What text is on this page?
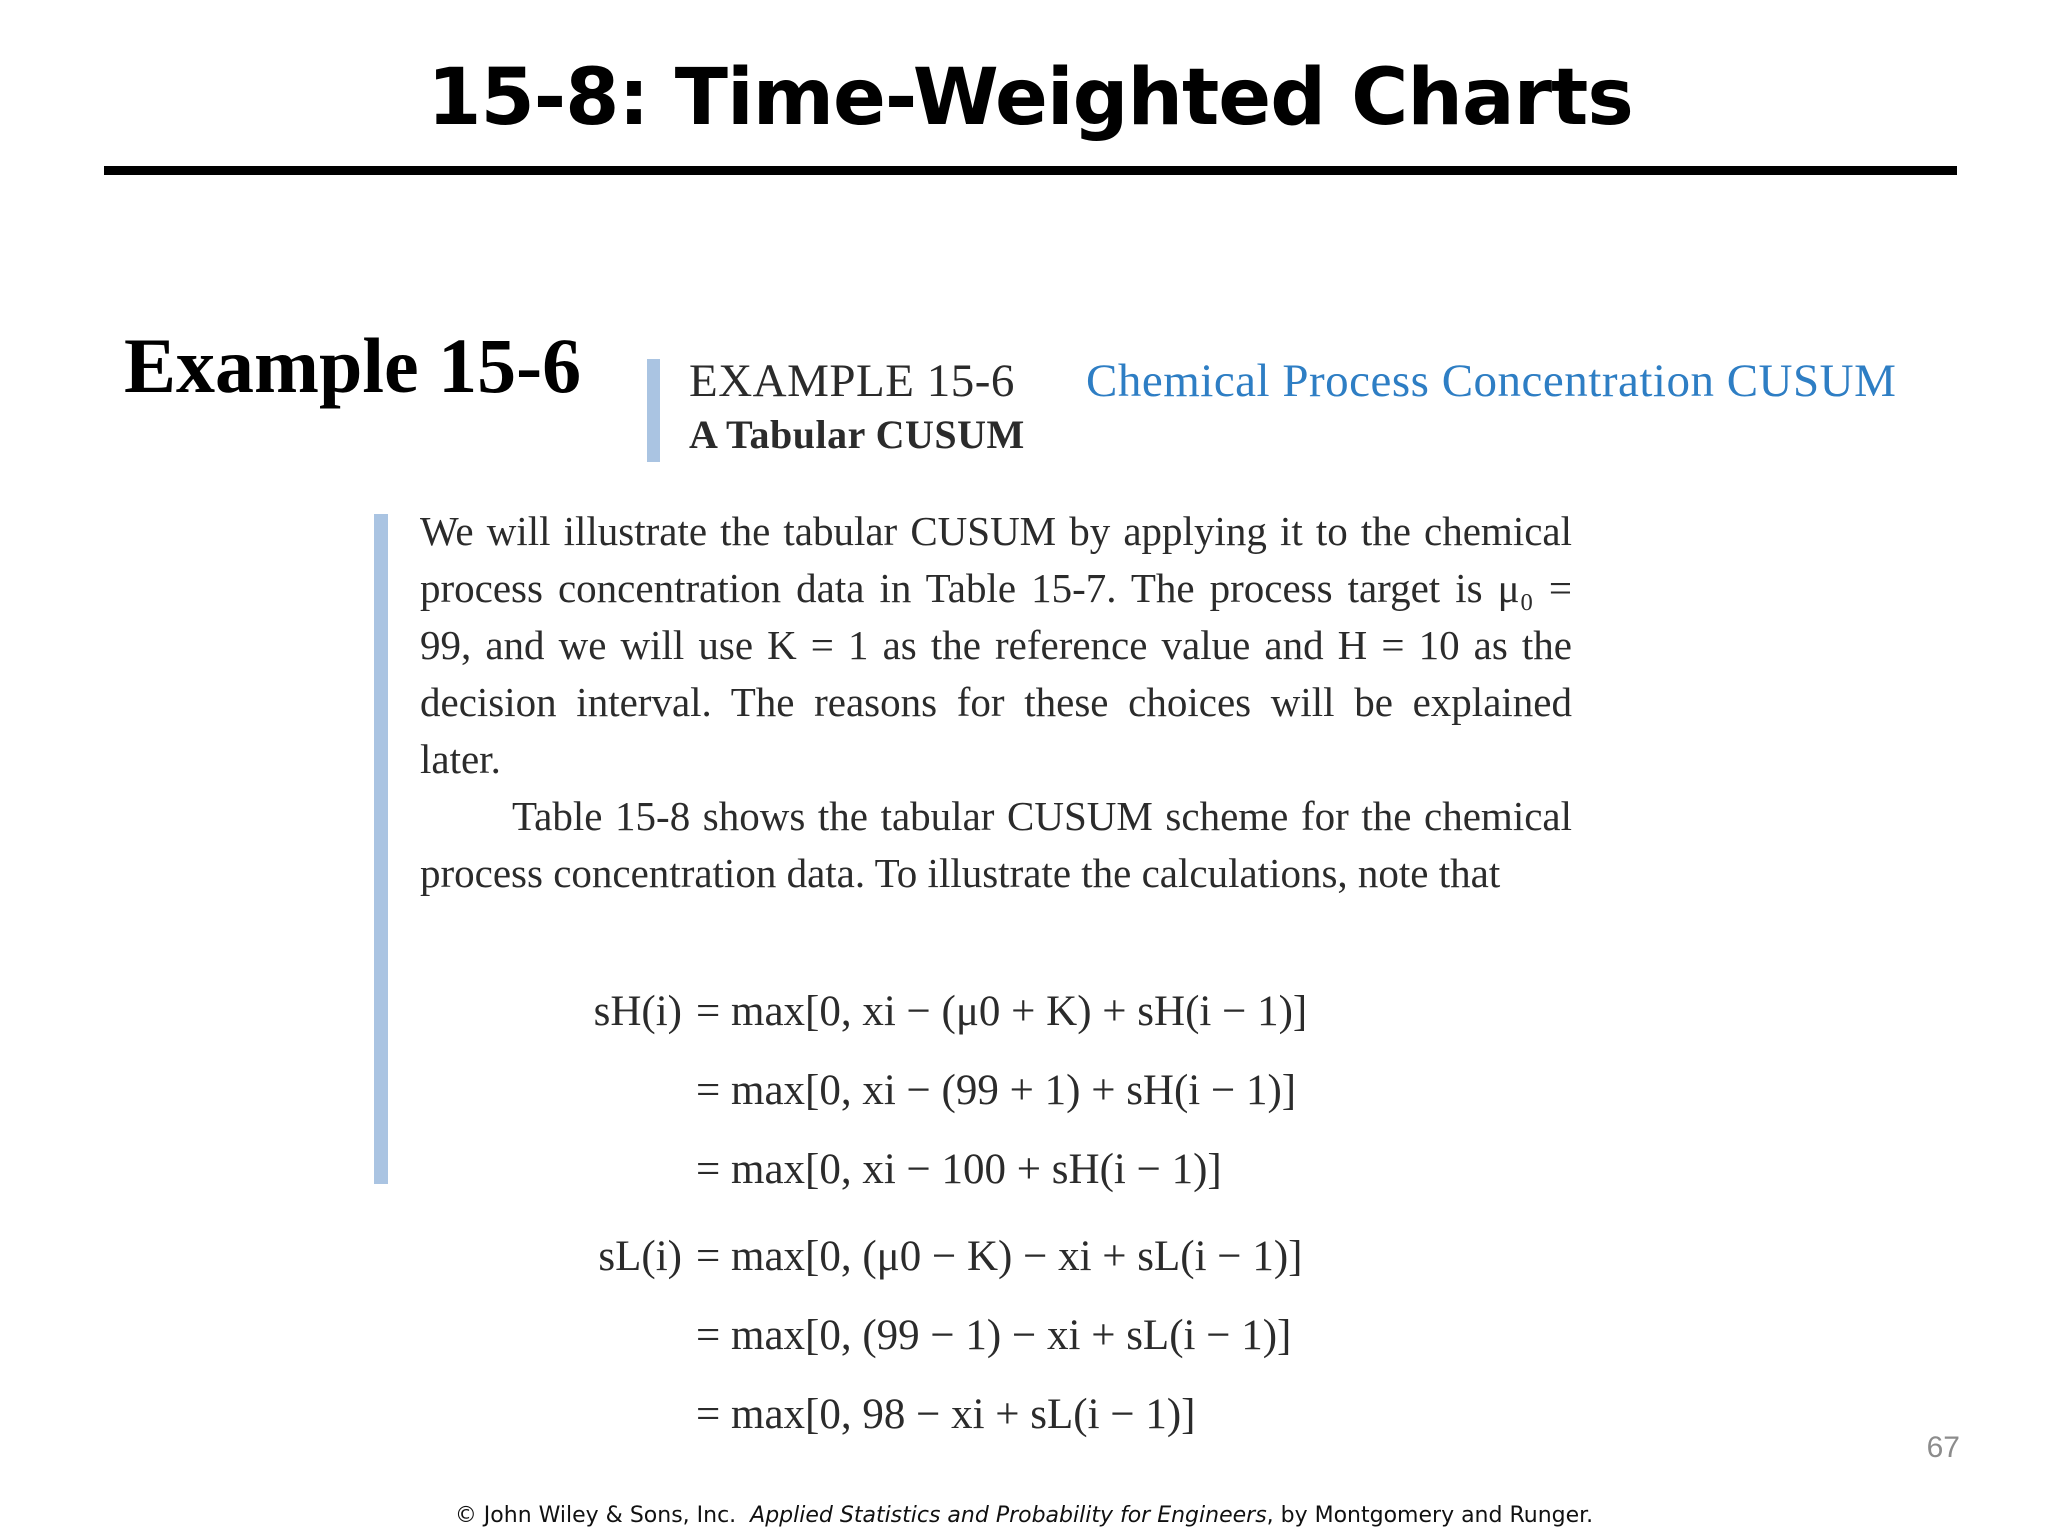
15-8: Time-Weighted Charts
Example 15-6 EXAMPLE 15-6
A Tabular CUSUM
Chemical Process Concentration CUSUM

We will illustrate the tabular CUSUM by applying it to the chemical process concentration data in Table 15-7. The process target is μ₀ = 99, and we will use K = 1 as the reference value and H = 10 as the decision interval. The reasons for these choices will be explained later.

Table 15-8 shows the tabular CUSUM scheme for the chemical process concentration data. To illustrate the calculations, note that

sH(i) = max[0, xi − (μ0 + K) + sH(i − 1)]
= max[0, xi − (99 + 1) + sH(i − 1)]
= max[0, xi − 100 + sH(i − 1)]
sL(i) = max[0, (μ0 − K) − xi + sL(i − 1)]
= max[0, (99 − 1) − xi + sL(i − 1)]
= max[0, 98 − xi + sL(i − 1)]
67
© John Wiley & Sons, Inc. Applied Statistics and Probability for Engineers, by Montgomery and Runger.
